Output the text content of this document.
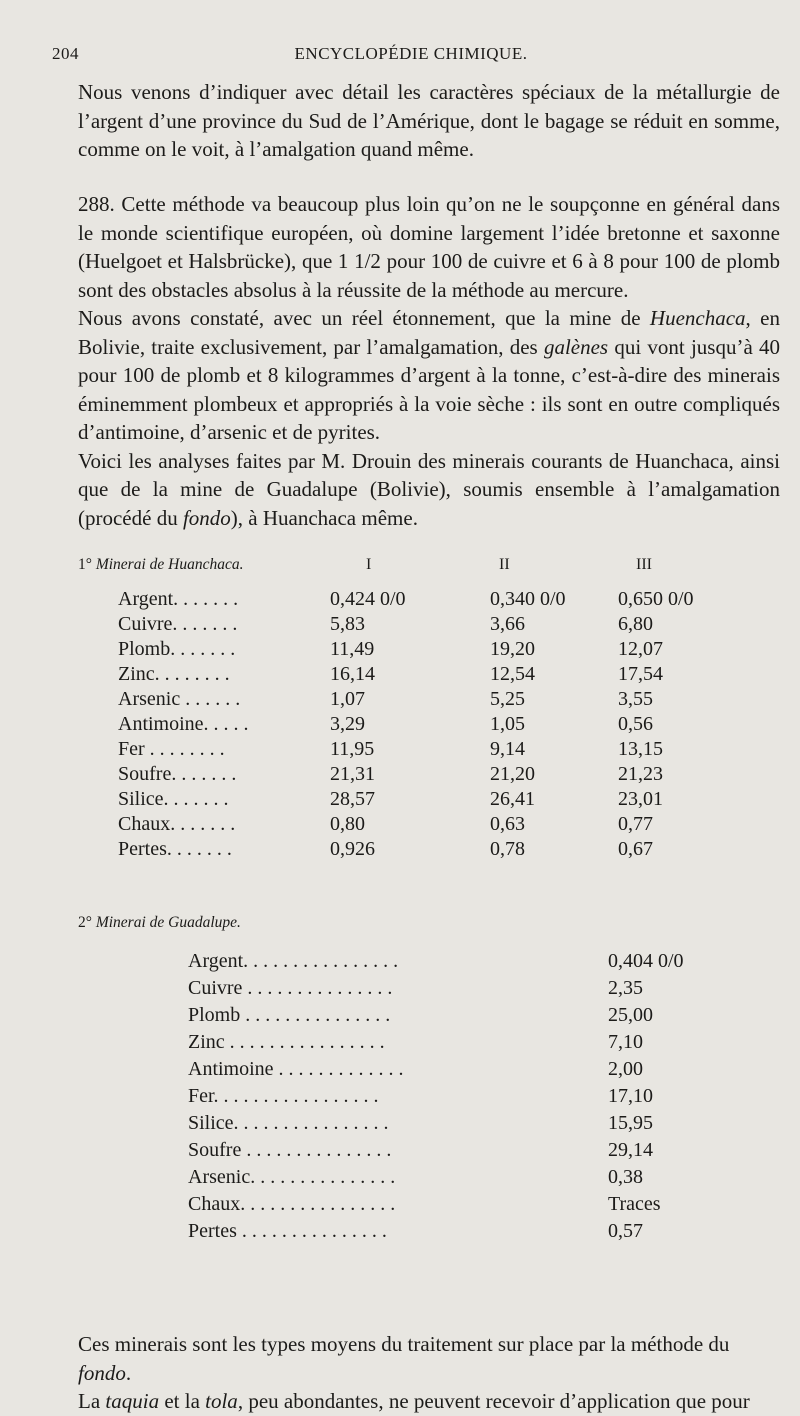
204	ENCYCLOPÉDIE CHIMIQUE.

Nous venons d’indiquer avec détail les caractères spéciaux de la métallurgie de l’argent d’une province du Sud de l’Amérique, dont le bagage se réduit en somme, comme on le voit, à l’amalgation quand même.

288. Cette méthode va beaucoup plus loin qu’on ne le soupçonne en général dans le monde scientifique européen, où domine largement l’idée bretonne et saxonne (Huelgoet et Halsbrücke), que 1 1/2 pour 100 de cuivre et 6 à 8 pour 100 de plomb sont des obstacles absolus à la réussite de la méthode au mercure.

Nous avons constaté, avec un réel étonnement, que la mine de Huenchaca, en Bolivie, traite exclusivement, par l’amalgamation, des galènes qui vont jusqu’à 40 pour 100 de plomb et 8 kilogrammes d’argent à la tonne, c’est-à-dire des minerais éminemment plombeux et appropriés à la voie sèche : ils sont en outre compliqués d’antimoine, d’arsenic et de pyrites.

Voici les analyses faites par M. Drouin des minerais courants de Huanchaca, ainsi que de la mine de Guadalupe (Bolivie), soumis ensemble à l’amalgamation (procédé du fondo), à Huanchaca même.

1° Minerai de Huanchaca.	I	II	III
Argent. . . . . . .	0,424 0/0	0,340 0/0	0,650 0/0
Cuivre. . . . . . .	5,83	3,66	6,80
Plomb. . . . . . .	11,49	19,20	12,07
Zinc. . . . . . . .	16,14	12,54	17,54
Arsenic . . . . . .	1,07	5,25	3,55
Antimoine. . . . .	3,29	1,05	0,56
Fer . . . . . . . .	11,95	9,14	13,15
Soufre. . . . . . .	21,31	21,20	21,23
Silice. . . . . . .	28,57	26,41	23,01
Chaux. . . . . . .	0,80	0,63	0,77
Pertes. . . . . . .	0,926	0,78	0,67
2° Minerai de Guadalupe.
Argent. . . . . . . . . . . . . . . .	0,404 0/0
Cuivre . . . . . . . . . . . . . . .	2,35
Plomb . . . . . . . . . . . . . . .	25,00
Zinc . . . . . . . . . . . . . . . .	7,10
Antimoine . . . . . . . . . . . . .	2,00
Fer. . . . . . . . . . . . . . . . .	17,10
Silice. . . . . . . . . . . . . . . .	15,95
Soufre . . . . . . . . . . . . . . .	29,14
Arsenic. . . . . . . . . . . . . . .	0,38
Chaux. . . . . . . . . . . . . . . .	Traces
Pertes . . . . . . . . . . . . . . .	0,57

Ces minerais sont les types moyens du traitement sur place par la méthode du fondo.

La taquia et la tola, peu abondantes, ne peuvent recevoir d’application que pour
